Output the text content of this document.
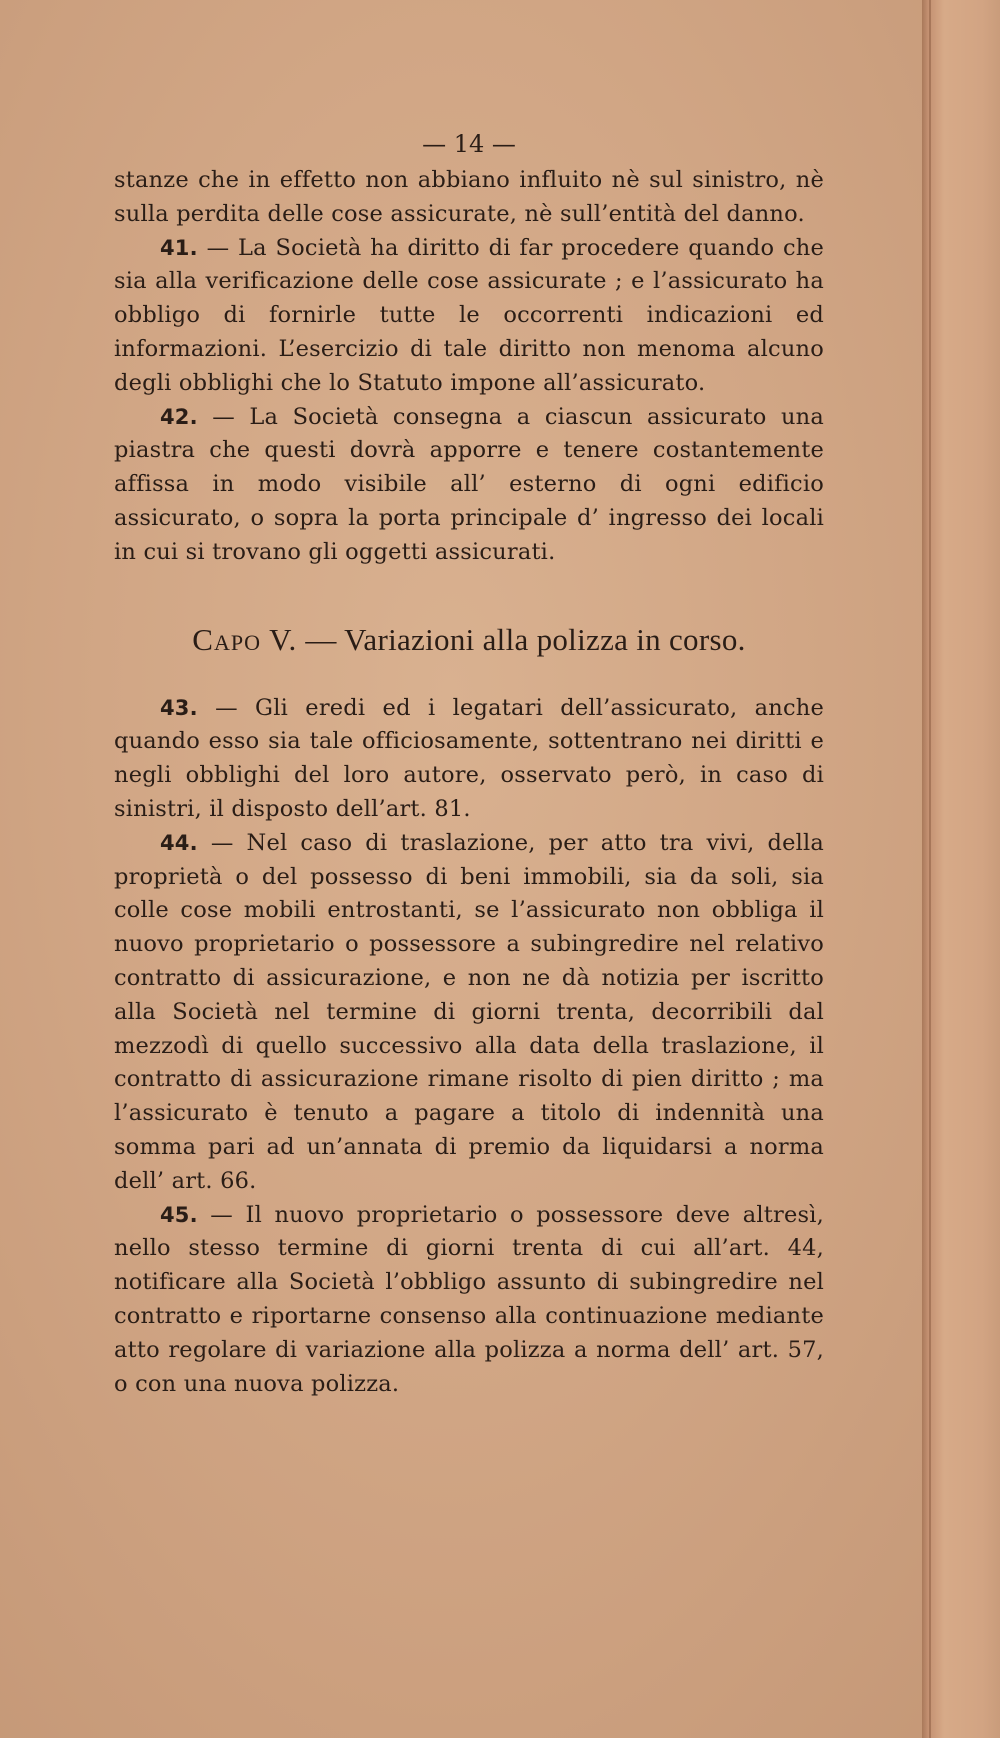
— 14 —

stanze che in effetto non abbiano influito nè sul sinistro, nè sulla perdita delle cose assicurate, nè sull’entità del danno.

41. — La Società ha diritto di far procedere quando che sia alla verificazione delle cose assicurate ; e l’assicurato ha obbligo di fornirle tutte le occorrenti indicazioni ed informazioni. L’esercizio di tale diritto non menoma alcuno degli obblighi che lo Statuto impone all’assicurato.

42. — La Società consegna a ciascun assicurato una piastra che questi dovrà apporre e tenere costantemente affissa in modo visibile all’ esterno di ogni edificio assicurato, o sopra la porta principale d’ ingresso dei locali in cui si trovano gli oggetti assicurati.

Capo V. — Variazioni alla polizza in corso.

43. — Gli eredi ed i legatari dell’assicurato, anche quando esso sia tale officiosamente, sottentrano nei diritti e negli obblighi del loro autore, osservato però, in caso di sinistri, il disposto dell’art. 81.

44. — Nel caso di traslazione, per atto tra vivi, della proprietà o del possesso di beni immobili, sia da soli, sia colle cose mobili entrostanti, se l’assicurato non obbliga il nuovo proprietario o possessore a subingredire nel relativo contratto di assicurazione, e non ne dà notizia per iscritto alla Società nel termine di giorni trenta, decorribili dal mezzodì di quello successivo alla data della traslazione, il contratto di assicurazione rimane risolto di pien diritto ; ma l’assicurato è tenuto a pagare a titolo di indennità una somma pari ad un’annata di premio da liquidarsi a norma dell’ art. 66.

45. — Il nuovo proprietario o possessore deve altresì, nello stesso termine di giorni trenta di cui all’art. 44, notificare alla Società l’obbligo assunto di subingredire nel contratto e riportarne consenso alla continuazione mediante atto regolare di variazione alla polizza a norma dell’ art. 57, o con una nuova polizza.
